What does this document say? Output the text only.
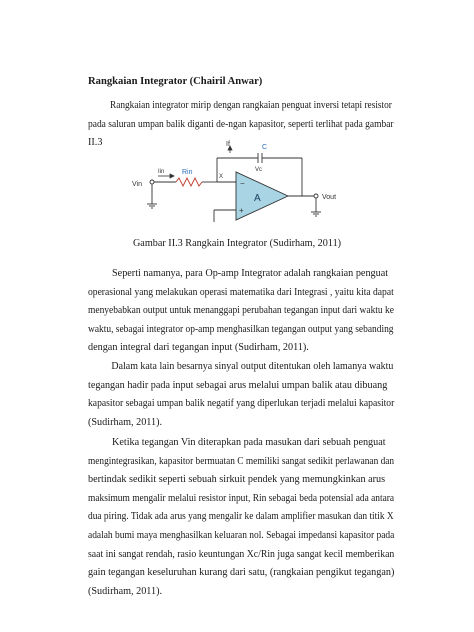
Rangkaian Integrator (Chairil Anwar)
Rangkaian integrator mirip dengan rangkaian penguat inversi tetapi resistor
pada saluran umpan balik diganti de-ngan kapasitor, seperti terlihat pada gambar
II.3
−
+
A
If	C
Vc
X
Iin	Rin
Vin
Vout
Gambar II.3 Rangkain Integrator (Sudirham, 2011)
Seperti namanya, para Op-amp Integrator adalah rangkaian penguat
operasional yang melakukan operasi matematika dari Integrasi , yaitu kita dapat
menyebabkan output untuk menanggapi perubahan tegangan input dari waktu ke
waktu, sebagai integrator op-amp menghasilkan tegangan output yang sebanding
dengan integral dari tegangan input (Sudirham, 2011).
Dalam kata lain besarnya sinyal output ditentukan oleh lamanya waktu
tegangan hadir pada input sebagai arus melalui umpan balik atau dibuang
kapasitor sebagai umpan balik negatif yang diperlukan terjadi melalui kapasitor
(Sudirham, 2011).
Ketika tegangan Vin diterapkan pada masukan dari sebuah penguat
mengintegrasikan, kapasitor bermuatan C memiliki sangat sedikit perlawanan dan
bertindak sedikit seperti sebuah sirkuit pendek yang memungkinkan arus
maksimum mengalir melalui resistor input, Rin sebagai beda potensial ada antara
dua piring. Tidak ada arus yang mengalir ke dalam amplifier masukan dan titik X
adalah bumi maya menghasilkan keluaran nol. Sebagai impedansi kapasitor pada
saat ini sangat rendah, rasio keuntungan Xc/Rin juga sangat kecil memberikan
gain tegangan keseluruhan kurang dari satu, (rangkaian pengikut tegangan)
(Sudirham, 2011).
